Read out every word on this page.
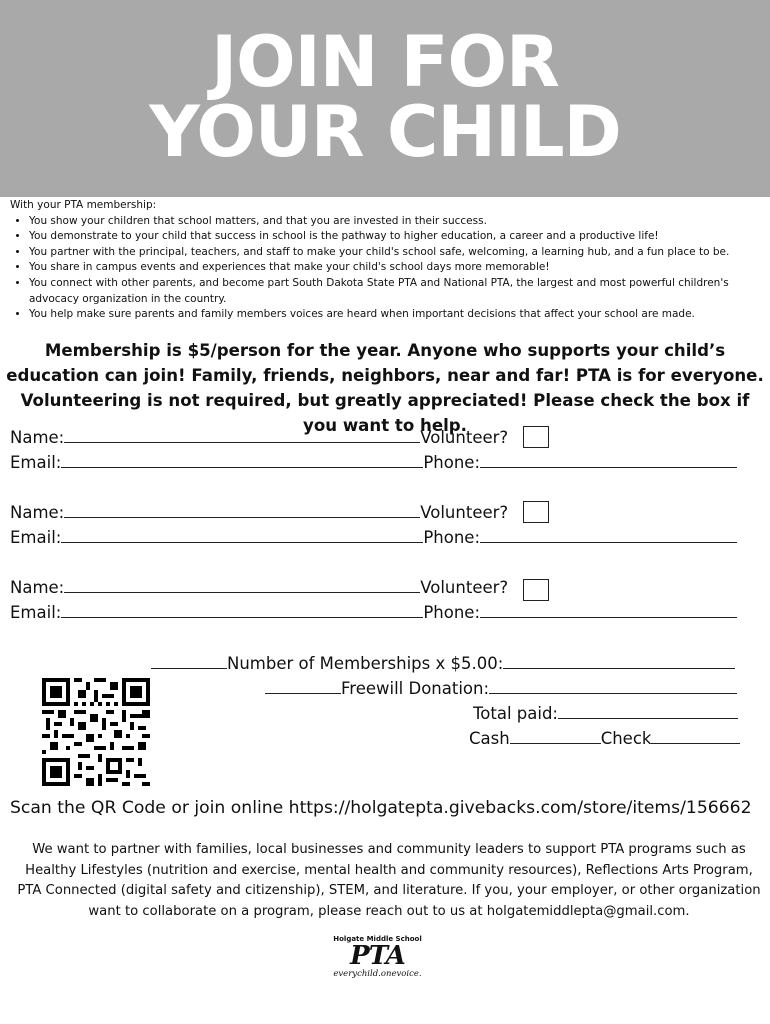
JOIN FOR
YOUR CHILD
With your PTA membership:
• You show your children that school matters, and that you are invested in their success.
• You demonstrate to your child that success in school is the pathway to higher education, a career and a productive life!
• You partner with the principal, teachers, and staff to make your child's school safe, welcoming, a learning hub, and a fun place to be.
• You share in campus events and experiences that make your child's school days more memorable!
• You connect with other parents, and become part South Dakota State PTA and National PTA, the largest and most powerful children's advocacy organization in the country.
• You help make sure parents and family members voices are heard when important decisions that affect your school are made.
Membership is $5/person for the year. Anyone who supports your child’s education can join! Family, friends, neighbors, near and far! PTA is for everyone. Volunteering is not required, but greatly appreciated! Please check the box if you want to help.
Name:	Volunteer?
Email:	Phone:
Name:	Volunteer?
Email:	Phone:
Name:	Volunteer?
Email:	Phone:
Number of Memberships x $5.00:
Freewill Donation:
Total paid:
Cash	Check
Scan the QR Code or join online https://holgatepta.givebacks.com/store/items/156662
We want to partner with families, local businesses and community leaders to support PTA programs such as Healthy Lifestyles (nutrition and exercise, mental health and community resources), Reflections Arts Program, PTA Connected (digital safety and citizenship), STEM, and literature. If you, your employer, or other organization want to collaborate on a program, please reach out to us at holgatemiddlepta@gmail.com.
Holgate Middle School
PTA
everychild.onevoice.
